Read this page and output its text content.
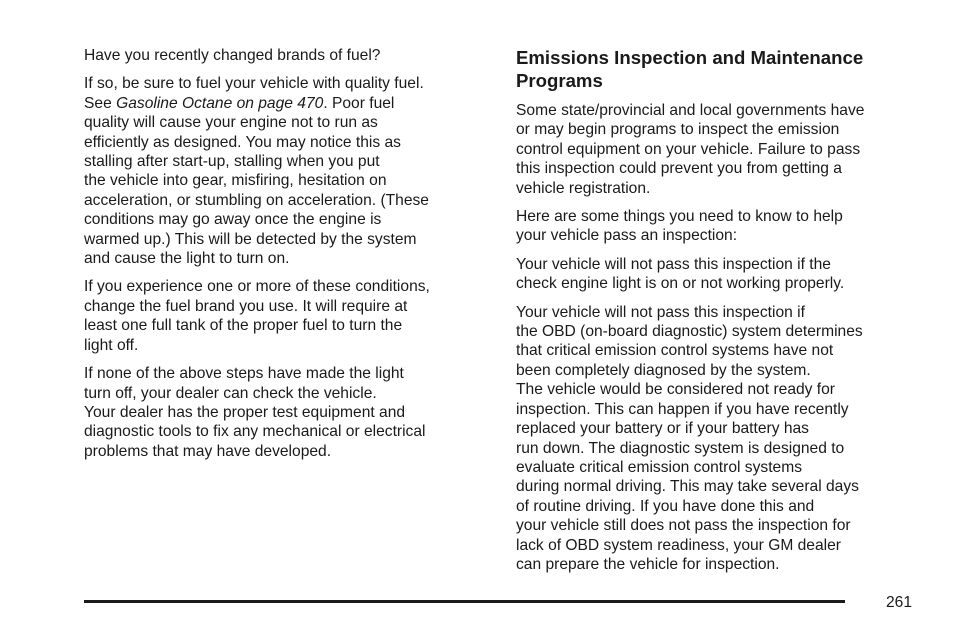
Have you recently changed brands of fuel?

If so, be sure to fuel your vehicle with quality fuel.
See Gasoline Octane on page 470. Poor fuel
quality will cause your engine not to run as
efficiently as designed. You may notice this as
stalling after start-up, stalling when you put
the vehicle into gear, misfiring, hesitation on
acceleration, or stumbling on acceleration. (These
conditions may go away once the engine is
warmed up.) This will be detected by the system
and cause the light to turn on.

If you experience one or more of these conditions,
change the fuel brand you use. It will require at
least one full tank of the proper fuel to turn the
light off.

If none of the above steps have made the light
turn off, your dealer can check the vehicle.
Your dealer has the proper test equipment and
diagnostic tools to fix any mechanical or electrical
problems that may have developed.

Emissions Inspection and Maintenance
Programs

Some state/provincial and local governments have
or may begin programs to inspect the emission
control equipment on your vehicle. Failure to pass
this inspection could prevent you from getting a
vehicle registration.

Here are some things you need to know to help
your vehicle pass an inspection:

Your vehicle will not pass this inspection if the
check engine light is on or not working properly.

Your vehicle will not pass this inspection if
the OBD (on-board diagnostic) system determines
that critical emission control systems have not
been completely diagnosed by the system.
The vehicle would be considered not ready for
inspection. This can happen if you have recently
replaced your battery or if your battery has
run down. The diagnostic system is designed to
evaluate critical emission control systems
during normal driving. This may take several days
of routine driving. If you have done this and
your vehicle still does not pass the inspection for
lack of OBD system readiness, your GM dealer
can prepare the vehicle for inspection.

261
